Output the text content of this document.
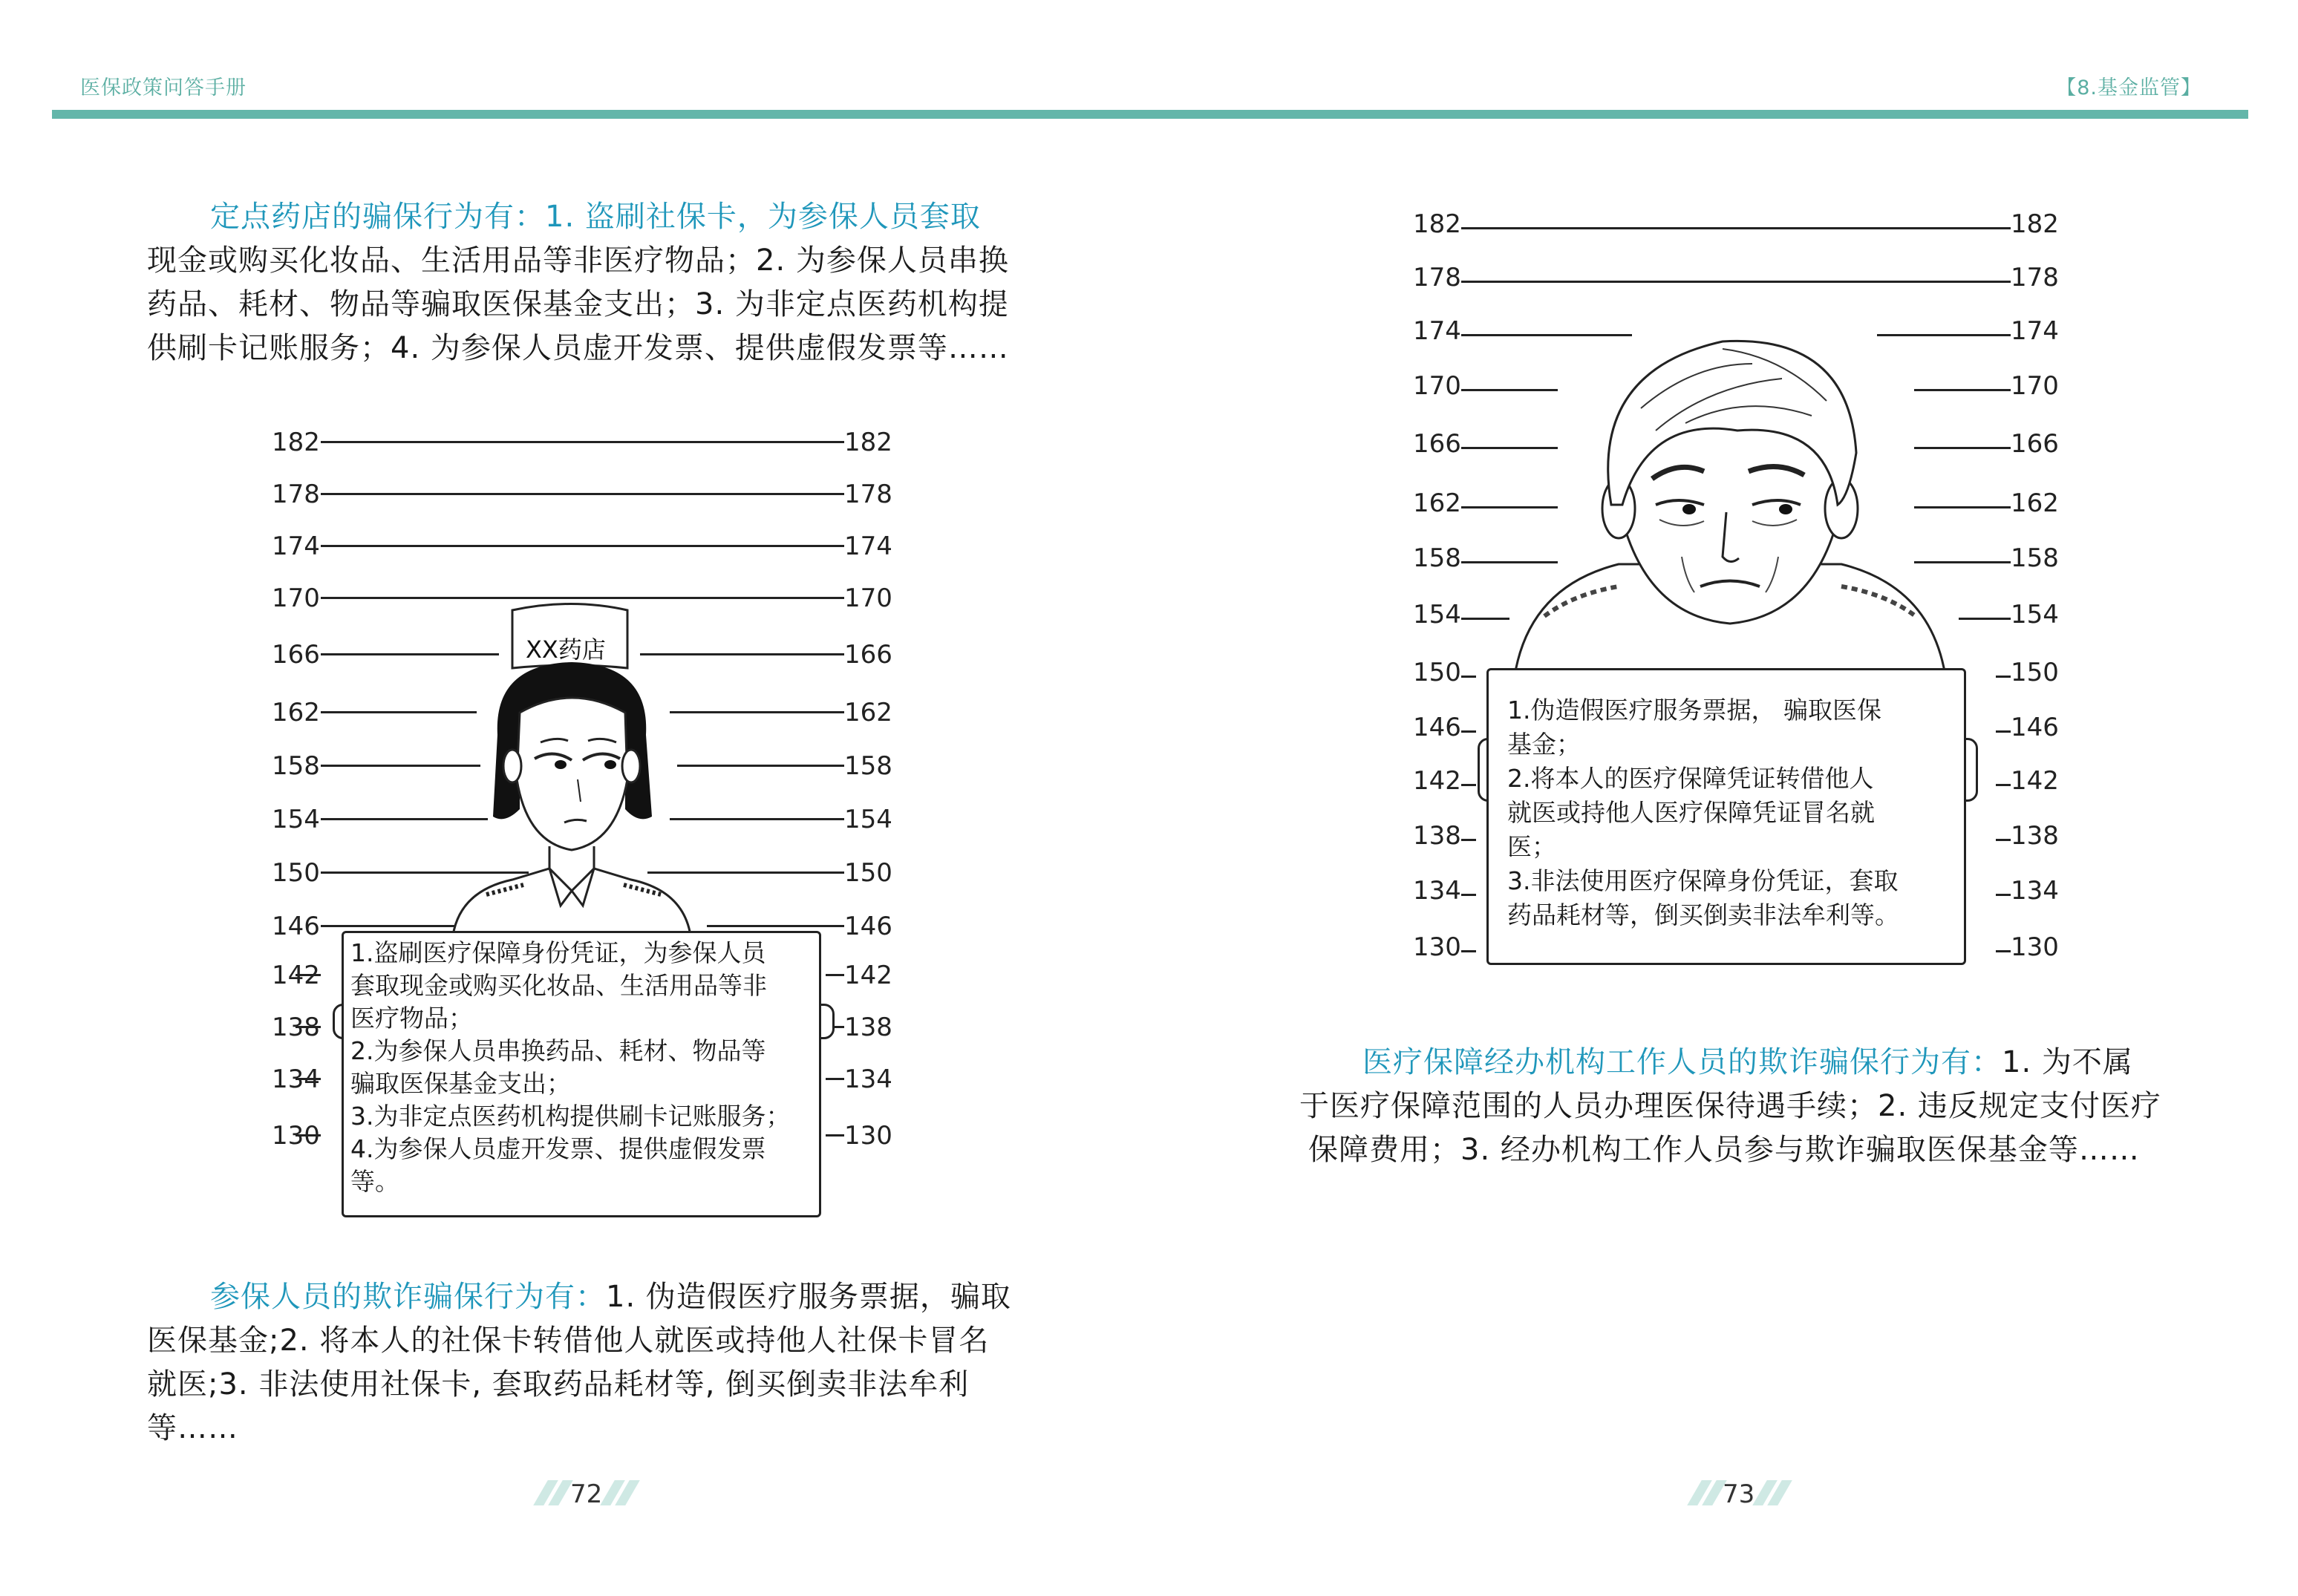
医保政策问答手册	【8.基金监管】
定点药店的骗保行为有：1. 盗刷社保卡，为参保人员套取
现金或购买化妆品、生活用品等非医疗物品；2. 为参保人员串换
药品、耗材、物品等骗取医保基金支出；3. 为非定点医药机构提
供刷卡记账服务；4. 为参保人员虚开发票、提供虚假发票等……
182
178
174
170
166
162
158
154
150
146
142
138
134
130
182
178
174
170
166
162
158
154
150
146
142
138
134
130
XX药店
1.盗刷医疗保障身份凭证，为参保人员
套取现金或购买化妆品、生活用品等非
医疗物品；
2.为参保人员串换药品、耗材、物品等
骗取医保基金支出；
3.为非定点医药机构提供刷卡记账服务；
4.为参保人员虚开发票、提供虚假发票
等。
参保人员的欺诈骗保行为有：1. 伪造假医疗服务票据，骗取
医保基金;2. 将本人的社保卡转借他人就医或持他人社保卡冒名
就医;3. 非法使用社保卡, 套取药品耗材等, 倒买倒卖非法牟利
等……
72
182
178
174
170
166
162
158
154
150
146
142
138
134
130
182
178
174
170
166
162
158
154
150
146
142
138
134
130
1.伪造假医疗服务票据， 骗取医保
基金；
2.将本人的医疗保障凭证转借他人
就医或持他人医疗保障凭证冒名就
医；
3.非法使用医疗保障身份凭证，套取
药品耗材等，倒买倒卖非法牟利等。
医疗保障经办机构工作人员的欺诈骗保行为有：1. 为不属
于医疗保障范围的人员办理医保待遇手续；2. 违反规定支付医疗
保障费用；3. 经办机构工作人员参与欺诈骗取医保基金等……
73
